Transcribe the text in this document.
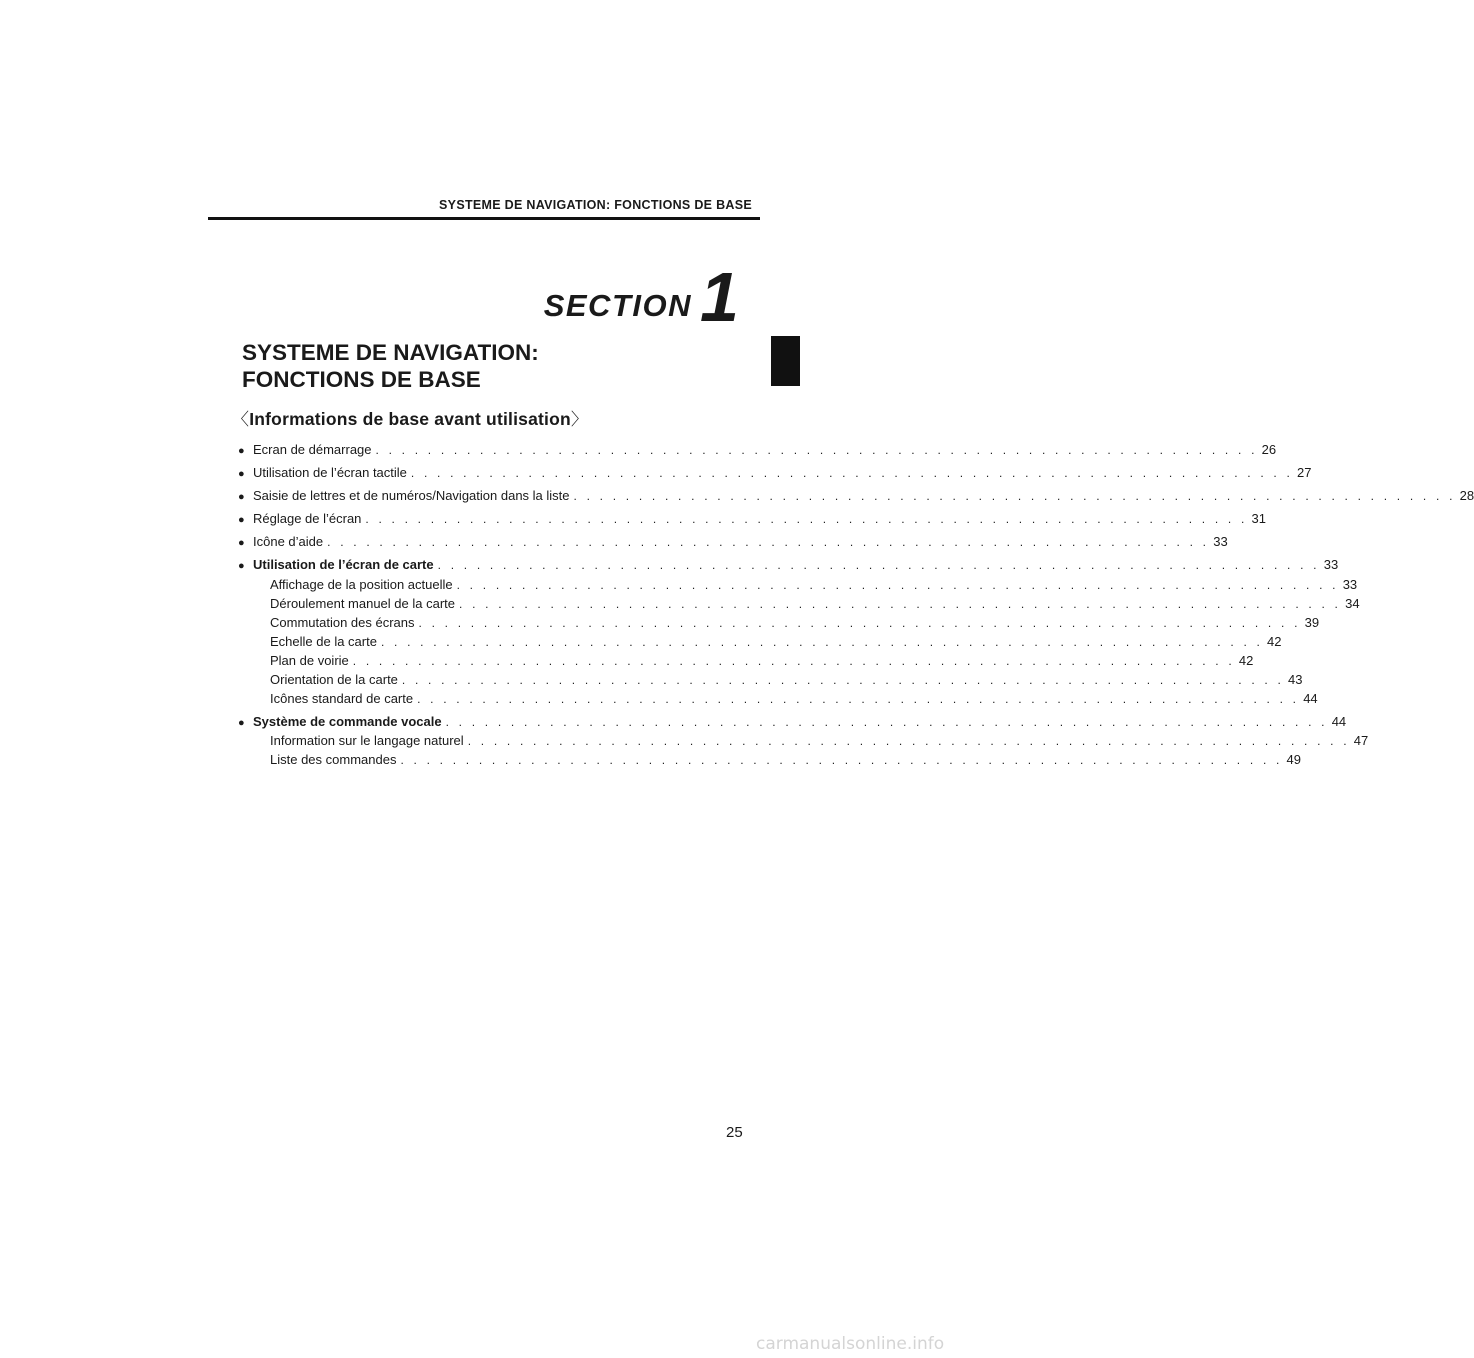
SYSTEME DE NAVIGATION: FONCTIONS DE BASE
SECTION 1
SYSTEME DE NAVIGATION:
FONCTIONS DE BASE
〈Informations de base avant utilisation〉
● Ecran de démarrage . . . . . . . . . . . . . . . . . . . . . . . . . . . . . . . . . . . . . . . . . . . . . . . . . . . . . . . . . . . . . . . . . . . . 26
● Utilisation de l’écran tactile . . . . . . . . . . . . . . . . . . . . . . . . . . . . . . . . . . . . . . . . . . . . . . . . . . . . . . . . . . . . . . . . . . . . 27
● Saisie de lettres et de numéros/Navigation dans la liste . . . . . . . . . . . . . . . . . . . . . . . . . . . . . . . . . . . . . . . . . . . . . . . . . . . . . . . . . . . . . . . . . . . . 28
● Réglage de l’écran . . . . . . . . . . . . . . . . . . . . . . . . . . . . . . . . . . . . . . . . . . . . . . . . . . . . . . . . . . . . . . . . . . . . 31
● Icône d’aide . . . . . . . . . . . . . . . . . . . . . . . . . . . . . . . . . . . . . . . . . . . . . . . . . . . . . . . . . . . . . . . . . . . . 33
● Utilisation de l’écran de carte . . . . . . . . . . . . . . . . . . . . . . . . . . . . . . . . . . . . . . . . . . . . . . . . . . . . . . . . . . . . . . . . . . . . 33
Affichage de la position actuelle . . . . . . . . . . . . . . . . . . . . . . . . . . . . . . . . . . . . . . . . . . . . . . . . . . . . . . . . . . . . . . . . . . . . 33
Déroulement manuel de la carte . . . . . . . . . . . . . . . . . . . . . . . . . . . . . . . . . . . . . . . . . . . . . . . . . . . . . . . . . . . . . . . . . . . . 34
Commutation des écrans . . . . . . . . . . . . . . . . . . . . . . . . . . . . . . . . . . . . . . . . . . . . . . . . . . . . . . . . . . . . . . . . . . . . 39
Echelle de la carte . . . . . . . . . . . . . . . . . . . . . . . . . . . . . . . . . . . . . . . . . . . . . . . . . . . . . . . . . . . . . . . . . . . . 42
Plan de voirie . . . . . . . . . . . . . . . . . . . . . . . . . . . . . . . . . . . . . . . . . . . . . . . . . . . . . . . . . . . . . . . . . . . . 42
Orientation de la carte . . . . . . . . . . . . . . . . . . . . . . . . . . . . . . . . . . . . . . . . . . . . . . . . . . . . . . . . . . . . . . . . . . . . 43
Icônes standard de carte . . . . . . . . . . . . . . . . . . . . . . . . . . . . . . . . . . . . . . . . . . . . . . . . . . . . . . . . . . . . . . . . . . . . 44
● Système de commande vocale . . . . . . . . . . . . . . . . . . . . . . . . . . . . . . . . . . . . . . . . . . . . . . . . . . . . . . . . . . . . . . . . . . . . 44
Information sur le langage naturel . . . . . . . . . . . . . . . . . . . . . . . . . . . . . . . . . . . . . . . . . . . . . . . . . . . . . . . . . . . . . . . . . . . . 47
Liste des commandes . . . . . . . . . . . . . . . . . . . . . . . . . . . . . . . . . . . . . . . . . . . . . . . . . . . . . . . . . . . . . . . . . . . . 49
25
carmanualsonline.info
